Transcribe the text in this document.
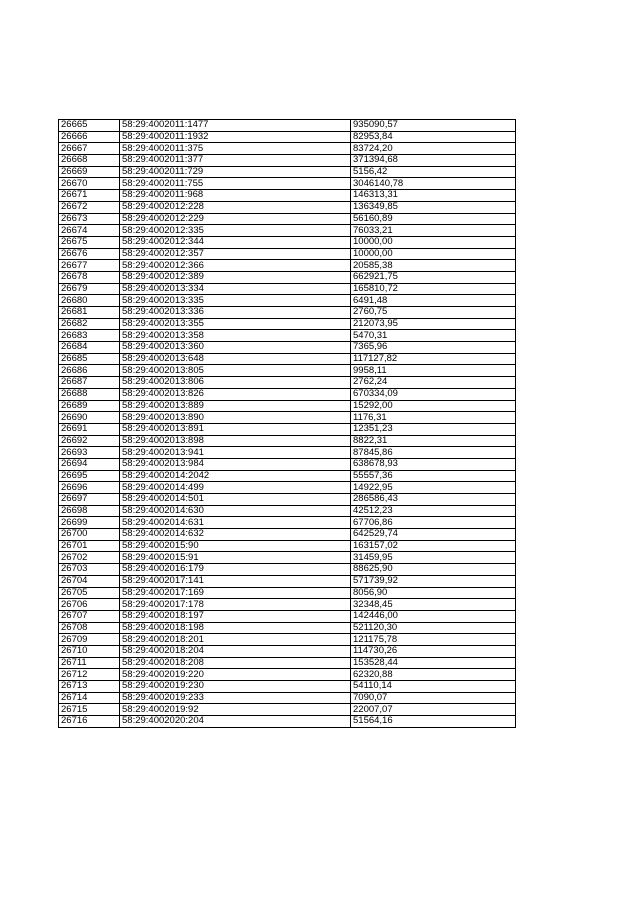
26665	58:29:4002011:1477	935090,57
26666	58:29:4002011:1932	82953,84
26667	58:29:4002011:375	83724,20
26668	58:29:4002011:377	371394,68
26669	58:29:4002011:729	5156,42
26670	58:29:4002011:755	3046140,78
26671	58:29:4002011:968	146313,31
26672	58:29:4002012:228	136349,85
26673	58:29:4002012:229	56160,89
26674	58:29:4002012:335	76033,21
26675	58:29:4002012:344	10000,00
26676	58:29:4002012:357	10000,00
26677	58:29:4002012:366	20585,38
26678	58:29:4002012:389	662921,75
26679	58:29:4002013:334	165810,72
26680	58:29:4002013:335	6491,48
26681	58:29:4002013:336	2760,75
26682	58:29:4002013:355	212073,95
26683	58:29:4002013:358	5470,31
26684	58:29:4002013:360	7365,96
26685	58:29:4002013:648	117127,82
26686	58:29:4002013:805	9958,11
26687	58:29:4002013:806	2762,24
26688	58:29:4002013:826	670334,09
26689	58:29:4002013:889	15292,00
26690	58:29:4002013:890	1176,31
26691	58:29:4002013:891	12351,23
26692	58:29:4002013:898	8822,31
26693	58:29:4002013:941	87845,86
26694	58:29:4002013:984	638678,93
26695	58:29:4002014:2042	55557,36
26696	58:29:4002014:499	14922,95
26697	58:29:4002014:501	286586,43
26698	58:29:4002014:630	42512,23
26699	58:29:4002014:631	67706,86
26700	58:29:4002014:632	642529,74
26701	58:29:4002015:90	163157,02
26702	58:29:4002015:91	31459,95
26703	58:29:4002016:179	88625,90
26704	58:29:4002017:141	571739,92
26705	58:29:4002017:169	8056,90
26706	58:29:4002017:178	32348,45
26707	58:29:4002018:197	142446,00
26708	58:29:4002018:198	521120,30
26709	58:29:4002018:201	121175,78
26710	58:29:4002018:204	114730,26
26711	58:29:4002018:208	153528,44
26712	58:29:4002019:220	62320,88
26713	58:29:4002019:230	54110,14
26714	58:29:4002019:233	7090,07
26715	58:29:4002019:92	22007,07
26716	58:29:4002020:204	51564,16
